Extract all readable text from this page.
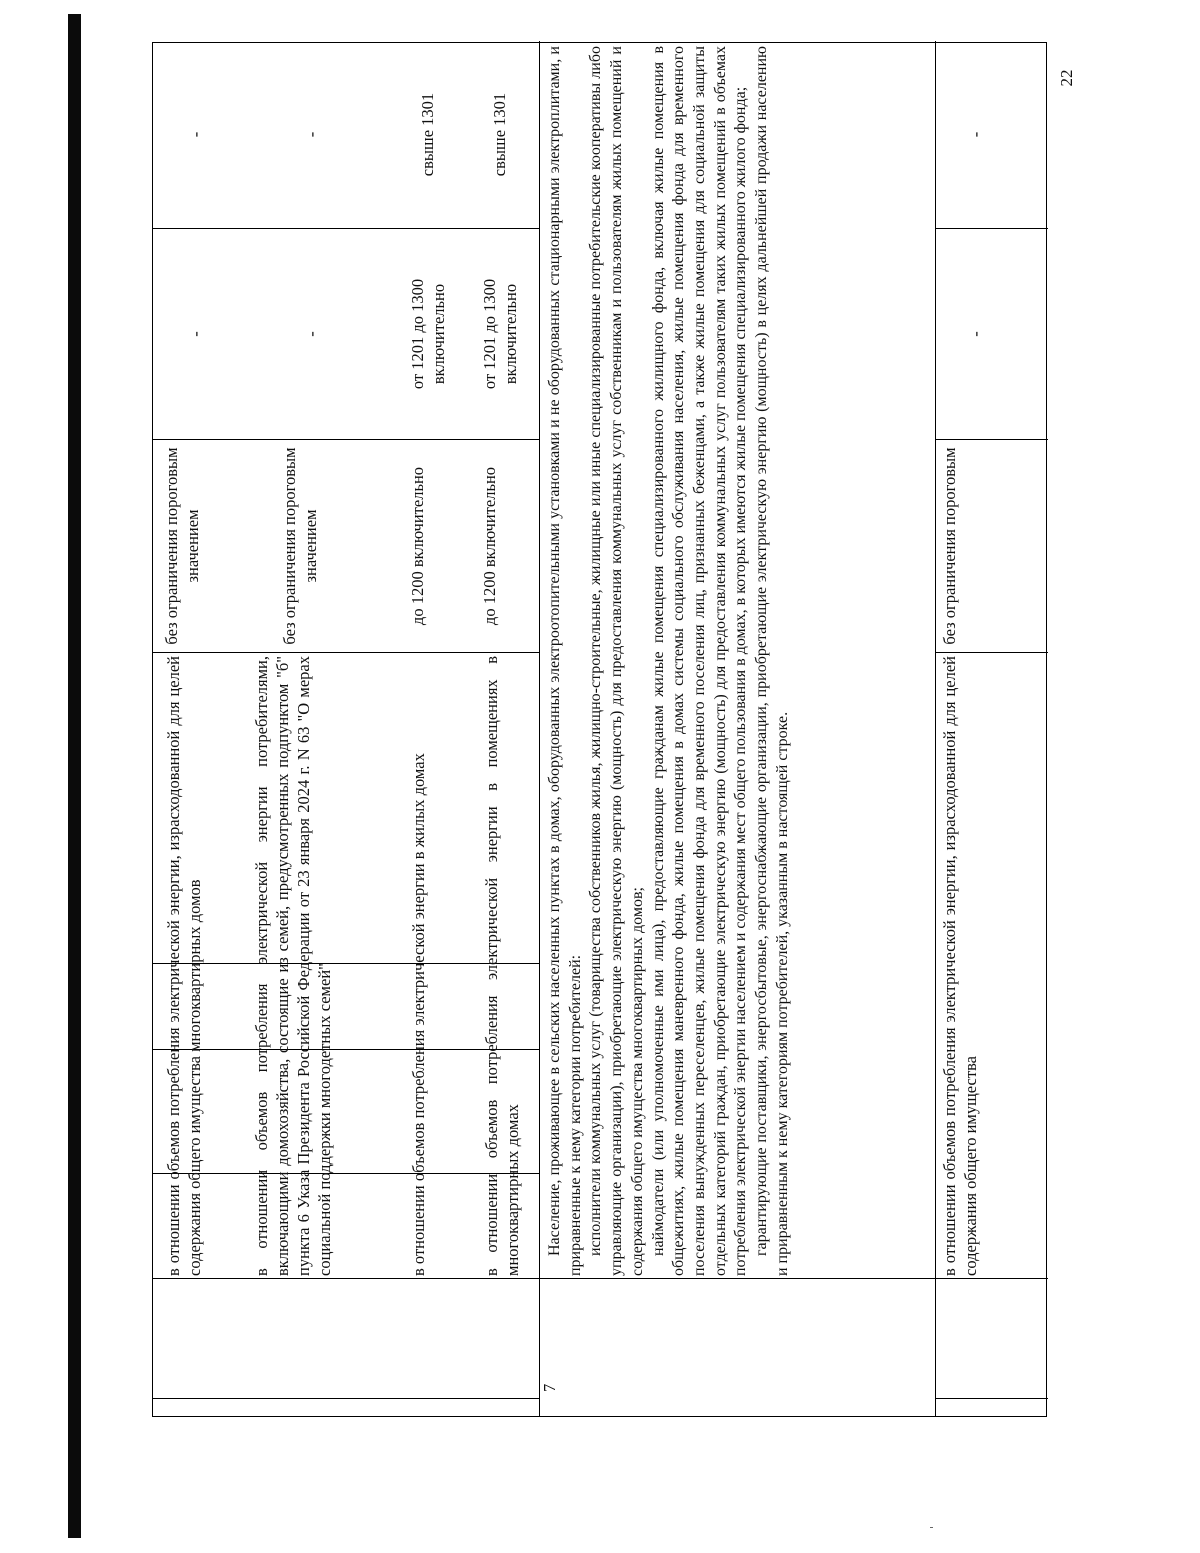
22
7
в отношении объемов потребления электрической энергии, израсходованной для целей содержания общего имущества многоквартирных домов
без ограничения пороговым значением
-
-
в отношении объемов потребления электрической энергии потребителями, включающими домохозяйства, состоящие из семей, предусмотренных подпунктом "б" пункта 6 Указа Президента Российской Федерации от 23 января 2024 г. N 63 "О мерах социальной поддержки многодетных семей"
без ограничения пороговым значением
-
-
в отношении объемов потребления электрической энергии в жилых домах
до 1200 включительно
от 1201 до 1300 включительно
свыше 1301
в отношении объемов потребления электрической энергии в помещениях в многоквартирных домах
до 1200 включительно
от 1201 до 1300 включительно
свыше 1301 Население, проживающее в сельских населенных пунктах в домах, оборудованных электроотопительными установками и не оборудованных стационарными электроплитами, и приравненные к нему категории потребителей: исполнители коммунальных услуг (товарищества собственников жилья, жилищно-строительные, жилищные или иные специализированные потребительские кооперативы либо управляющие организации), приобретающие электрическую энергию (мощность) для предоставления коммунальных услуг собственникам и пользователям жилых помещений и содержания общего имущества многоквартирных домов; наймодатели (или уполномоченные ими лица), предоставляющие гражданам жилые помещения специализированного жилищного фонда, включая жилые помещения в общежитиях, жилые помещения маневренного фонда, жилые помещения в домах системы социального обслуживания населения, жилые помещения фонда для временного поселения вынужденных переселенцев, жилые помещения фонда для временного поселения лиц, признанных беженцами, а также жилые помещения для социальной защиты отдельных категорий граждан, приобретающие электрическую энергию (мощность) для предоставления коммунальных услуг пользователям таких жилых помещений в объемах потребления электрической энергии населением и содержания мест общего пользования в домах, в которых имеются жилые помещения специализированного жилого фонда; гарантирующие поставщики, энергосбытовые, энергоснабжающие организации, приобретающие электрическую энергию (мощность) в целях дальнейшей продажи населению и приравненным к нему категориям потребителей, указанным в настоящей строке.	в отношении объемов потребления электрической энергии, израсходованной для целей содержания общего имущества
без ограничения пороговым
-
-
